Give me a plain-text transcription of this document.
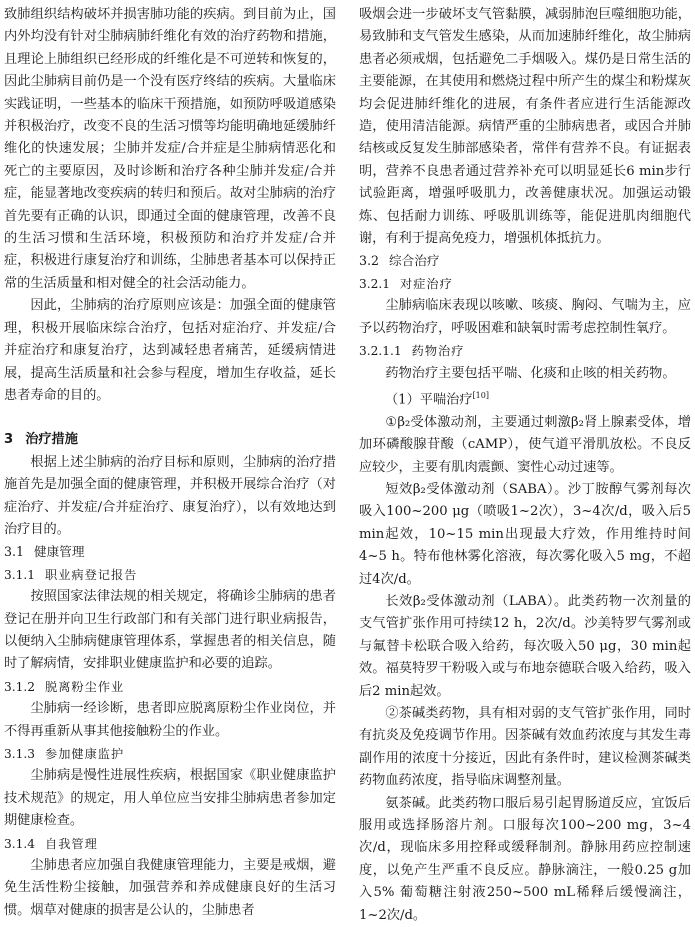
致肺组织结构破坏并损害肺功能的疾病。到目前为止，国内外均没有针对尘肺病肺纤维化有效的治疗药物和措施，且理论上肺组织已经形成的纤维化是不可逆转和恢复的，因此尘肺病目前仍是一个没有医疗终结的疾病。大量临床实践证明，一些基本的临床干预措施，如预防呼吸道感染并积极治疗，改变不良的生活习惯等均能明确地延缓肺纤维化的快速发展；尘肺并发症/合并症是尘肺病情恶化和死亡的主要原因，及时诊断和治疗各种尘肺并发症/合并症，能显著地改变疾病的转归和预后。故对尘肺病的治疗首先要有正确的认识，即通过全面的健康管理，改善不良的生活习惯和生活环境，积极预防和治疗并发症/合并症，积极进行康复治疗和训练，尘肺患者基本可以保持正常的生活质量和相对健全的社会活动能力。

因此，尘肺病的治疗原则应该是：加强全面的健康管理，积极开展临床综合治疗，包括对症治疗、并发症/合并症治疗和康复治疗，达到减轻患者痛苦，延缓病情进展，提高生活质量和社会参与程度，增加生存收益，延长患者寿命的目的。

3 治疗措施

根据上述尘肺病的治疗目标和原则，尘肺病的治疗措施首先是加强全面的健康管理，并积极开展综合治疗（对症治疗、并发症/合并症治疗、康复治疗），以有效地达到治疗目的。

3.1 健康管理
3.1.1 职业病登记报告

按照国家法律法规的相关规定，将确诊尘肺病的患者登记在册并向卫生行政部门和有关部门进行职业病报告，以便纳入尘肺病健康管理体系，掌握患者的相关信息，随时了解病情，安排职业健康监护和必要的追踪。

3.1.2 脱离粉尘作业

尘肺病一经诊断，患者即应脱离原粉尘作业岗位，并不得再重新从事其他接触粉尘的作业。

3.1.3 参加健康监护

尘肺病是慢性进展性疾病，根据国家《职业健康监护技术规范》的规定，用人单位应当安排尘肺病患者参加定期健康检查。

3.1.4 自我管理

尘肺患者应加强自我健康管理能力，主要是戒烟，避免生活性粉尘接触，加强营养和养成健康良好的生活习惯。烟草对健康的损害是公认的，尘肺患者

吸烟会进一步破坏支气管黏膜，减弱肺泡巨噬细胞功能，易致肺和支气管发生感染，从而加速肺纤维化，故尘肺病患者必须戒烟，包括避免二手烟吸入。煤仍是日常生活的主要能源，在其使用和燃烧过程中所产生的煤尘和粉煤灰均会促进肺纤维化的进展，有条件者应进行生活能源改造，使用清洁能源。病情严重的尘肺病患者，或因合并肺结核或反复发生肺部感染者，常伴有营养不良。有证据表明，营养不良患者通过营养补充可以明显延长6 min步行试验距离，增强呼吸肌力，改善健康状况。加强运动锻炼、包括耐力训练、呼吸肌训练等，能促进肌肉细胞代谢，有利于提高免疫力，增强机体抵抗力。

3.2 综合治疗
3.2.1 对症治疗

尘肺病临床表现以咳嗽、咳痰、胸闷、气喘为主，应予以药物治疗，呼吸困难和缺氧时需考虑控制性氧疗。

3.2.1.1 药物治疗

药物治疗主要包括平喘、化痰和止咳的相关药物。

（1）平喘治疗[10]

①β₂受体激动剂，主要通过刺激β₂肾上腺素受体，增加环磷酸腺苷酸（cAMP），使气道平滑肌放松。不良反应较少，主要有肌肉震颤、窦性心动过速等。

短效β₂受体激动剂（SABA）。沙丁胺醇气雾剂每次吸入100~200 μg（喷吸1~2次），3~4次/d，吸入后5 min起效，10~15 min出现最大疗效，作用维持时间4~5 h。特布他林雾化溶液，每次雾化吸入5 mg，不超过4次/d。

长效β₂受体激动剂（LABA）。此类药物一次剂量的支气管扩张作用可持续12 h，2次/d。沙美特罗气雾剂或与氟替卡松联合吸入给药，每次吸入50 μg，30 min起效。福莫特罗干粉吸入或与布地奈德联合吸入给药，吸入后2 min起效。

②茶碱类药物，具有相对弱的支气管扩张作用，同时有抗炎及免疫调节作用。因茶碱有效血药浓度与其发生毒副作用的浓度十分接近，因此有条件时，建议检测茶碱类药物血药浓度，指导临床调整剂量。

氨茶碱。此类药物口服后易引起胃肠道反应，宜饭后服用或选择肠溶片剂。口服每次100~200 mg，3~4次/d，现临床多用控释或缓释制剂。静脉用药应控制速度，以免产生严重不良反应。静脉滴注，一般0.25 g加入5% 葡萄糖注射液250~500 mL稀释后缓慢滴注，1~2次/d。
